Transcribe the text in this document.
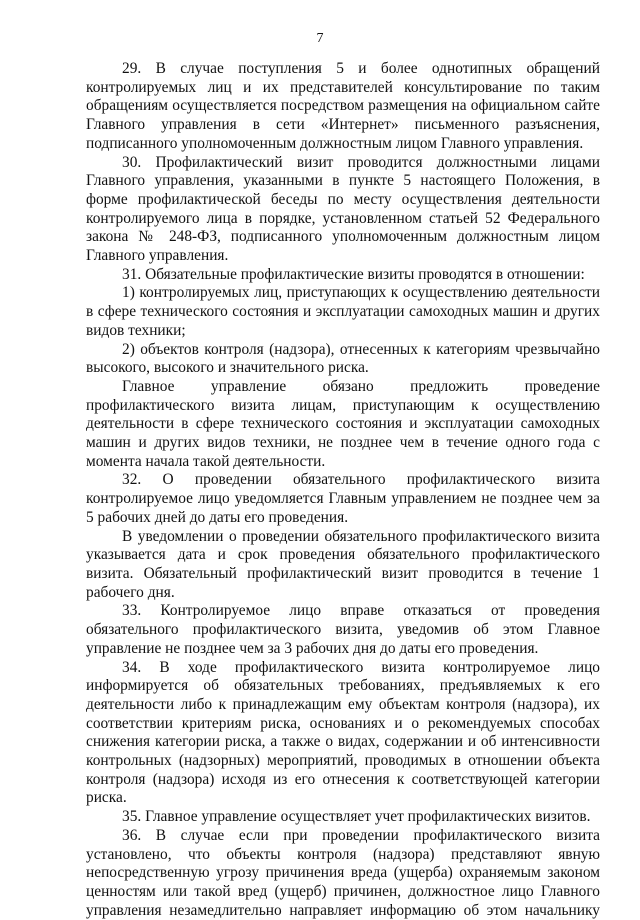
7

29. В случае поступления 5 и более однотипных обращений контролируемых лиц и их представителей консультирование по таким обращениям осуществляется посредством размещения на официальном сайте Главного управления в сети «Интернет» письменного разъяснения, подписанного уполномоченным должностным лицом Главного управления.

30. Профилактический визит проводится должностными лицами Главного управления, указанными в пункте 5 настоящего Положения, в форме профилактической беседы по месту осуществления деятельности контролируемого лица в порядке, установленном статьей 52 Федерального закона № 248-ФЗ, подписанного уполномоченным должностным лицом Главного управления.

31. Обязательные профилактические визиты проводятся в отношении:

1) контролируемых лиц, приступающих к осуществлению деятельности в сфере технического состояния и эксплуатации самоходных машин и других видов техники;

2) объектов контроля (надзора), отнесенных к категориям чрезвычайно высокого, высокого и значительного риска.

Главное управление обязано предложить проведение профилактического визита лицам, приступающим к осуществлению деятельности в сфере технического состояния и эксплуатации самоходных машин и других видов техники, не позднее чем в течение одного года с момента начала такой деятельности.

32. О проведении обязательного профилактического визита контролируемое лицо уведомляется Главным управлением не позднее чем за 5 рабочих дней до даты его проведения.

В уведомлении о проведении обязательного профилактического визита указывается дата и срок проведения обязательного профилактического визита. Обязательный профилактический визит проводится в течение 1 рабочего дня.

33. Контролируемое лицо вправе отказаться от проведения обязательного профилактического визита, уведомив об этом Главное управление не позднее чем за 3 рабочих дня до даты его проведения.

34. В ходе профилактического визита контролируемое лицо информируется об обязательных требованиях, предъявляемых к его деятельности либо к принадлежащим ему объектам контроля (надзора), их соответствии критериям риска, основаниях и о рекомендуемых способах снижения категории риска, а также о видах, содержании и об интенсивности контрольных (надзорных) мероприятий, проводимых в отношении объекта контроля (надзора) исходя из его отнесения к соответствующей категории риска.

35. Главное управление осуществляет учет профилактических визитов.

36. В случае если при проведении профилактического визита установлено, что объекты контроля (надзора) представляют явную непосредственную угрозу причинения вреда (ущерба) охраняемым законом ценностям или такой вред (ущерб) причинен, должностное лицо Главного управления незамедлительно направляет информацию об этом начальнику
